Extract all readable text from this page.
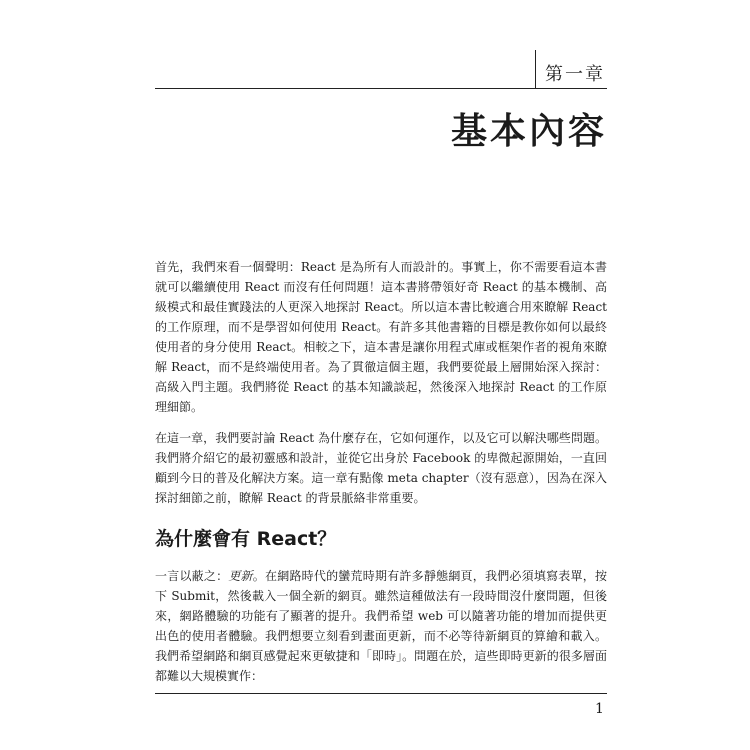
第一章
基本內容

首先，我們來看一個聲明：React 是為所有人而設計的。事實上，你不需要看這本書就可以繼續使用 React 而沒有任何問題！這本書將帶領好奇 React 的基本機制、高級模式和最佳實踐法的人更深入地探討 React。所以這本書比較適合用來瞭解 React 的工作原理，而不是學習如何使用 React。有許多其他書籍的目標是教你如何以最終使用者的身分使用 React。相較之下，這本書是讓你用程式庫或框架作者的視角來瞭解 React，而不是終端使用者。為了貫徹這個主題，我們要從最上層開始深入探討：高級入門主題。我們將從 React 的基本知識談起，然後深入地探討 React 的工作原理細節。

在這一章，我們要討論 React 為什麼存在，它如何運作，以及它可以解決哪些問題。我們將介紹它的最初靈感和設計，並從它出身於 Facebook 的卑微起源開始，一直回顧到今日的普及化解決方案。這一章有點像 meta chapter（沒有惡意），因為在深入探討細節之前，瞭解 React 的背景脈絡非常重要。

為什麼會有 React？

一言以蔽之：更新。在網路時代的蠻荒時期有許多靜態網頁，我們必須填寫表單，按下 Submit，然後載入一個全新的網頁。雖然這種做法有一段時間沒什麼問題，但後來，網路體驗的功能有了顯著的提升。我們希望 web 可以隨著功能的增加而提供更出色的使用者體驗。我們想要立刻看到畫面更新，而不必等待新網頁的算繪和載入。我們希望網路和網頁感覺起來更敏捷和「即時」。問題在於，這些即時更新的很多層面都難以大規模實作：

1
